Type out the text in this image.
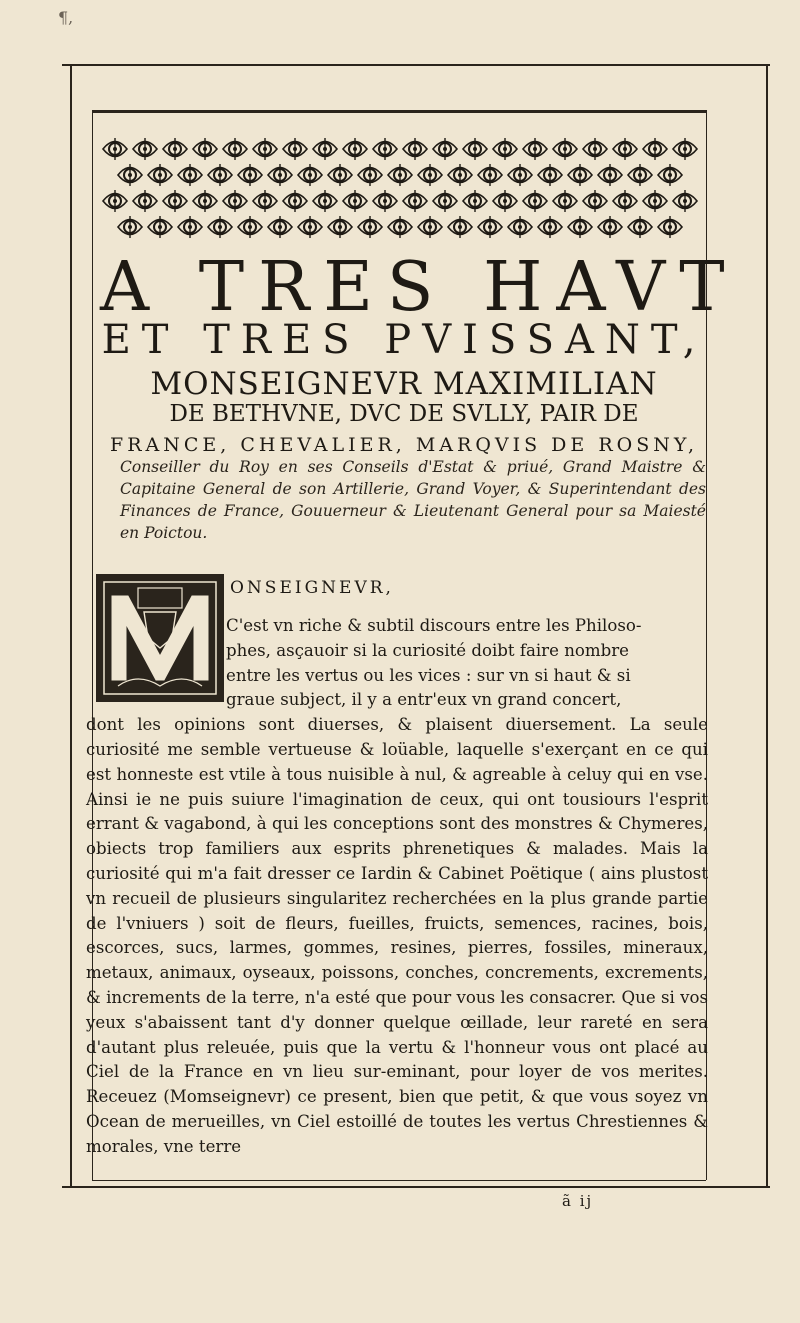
¶,
A TRES HAVT
ET TRES PVISSANT,
MONSEIGNEVR MAXIMILIAN
DE BETHVNE, DVC DE SVLLY, PAIR DE
FRANCE, CHEVALIER, MARQVIS DE ROSNY,
Conseiller du Roy en ses Conseils d'Estat & priué, Grand Maistre & Capitaine General de son Artillerie, Grand Voyer, & Superintendant des Finances de France, Gouuerneur & Lieutenant General pour sa Maiesté en Poictou.
ONSEIGNEVR,

C'est vn riche & subtil discours entre les Philoso-

phes, asçauoir si la curiosité doibt faire nombre

entre les vertus ou les vices : sur vn si haut & si

graue subject, il y a entr'eux vn grand concert,

dont les opinions sont diuerses, & plaisent diuersement. La seule curiosité me semble vertueuse & loüable, laquelle s'exerçant en ce qui est honneste est vtile à tous nuisible à nul, & agreable à celuy qui en vse. Ainsi ie ne puis suiure l'imagination de ceux, qui ont tousiours l'esprit errant & vagabond, à qui les conceptions sont des monstres & Chymeres, obiects trop familiers aux esprits phrenetiques & malades. Mais la curiosité qui m'a fait dresser ce Iardin & Cabinet Poëtique ( ains plustost vn recueil de plusieurs singularitez recherchées en la plus grande partie de l'vniuers ) soit de fleurs, fueilles, fruicts, semences, racines, bois, escorces, sucs, larmes, gommes, resines, pierres, fossiles, mineraux, metaux, animaux, oyseaux, poissons, conches, concrements, excrements, & increments de la terre, n'a esté que pour vous les consacrer. Que si vos yeux s'abaissent tant d'y donner quelque œillade, leur rareté en sera d'autant plus releuée, puis que la vertu & l'honneur vous ont placé au Ciel de la France en vn lieu sur-eminant, pour loyer de vos merites. Receuez (Momseignevr) ce present, bien que petit, & que vous soyez vn Ocean de merueilles, vn Ciel estoillé de toutes les vertus Chrestiennes & morales, vne terre

ã ij
